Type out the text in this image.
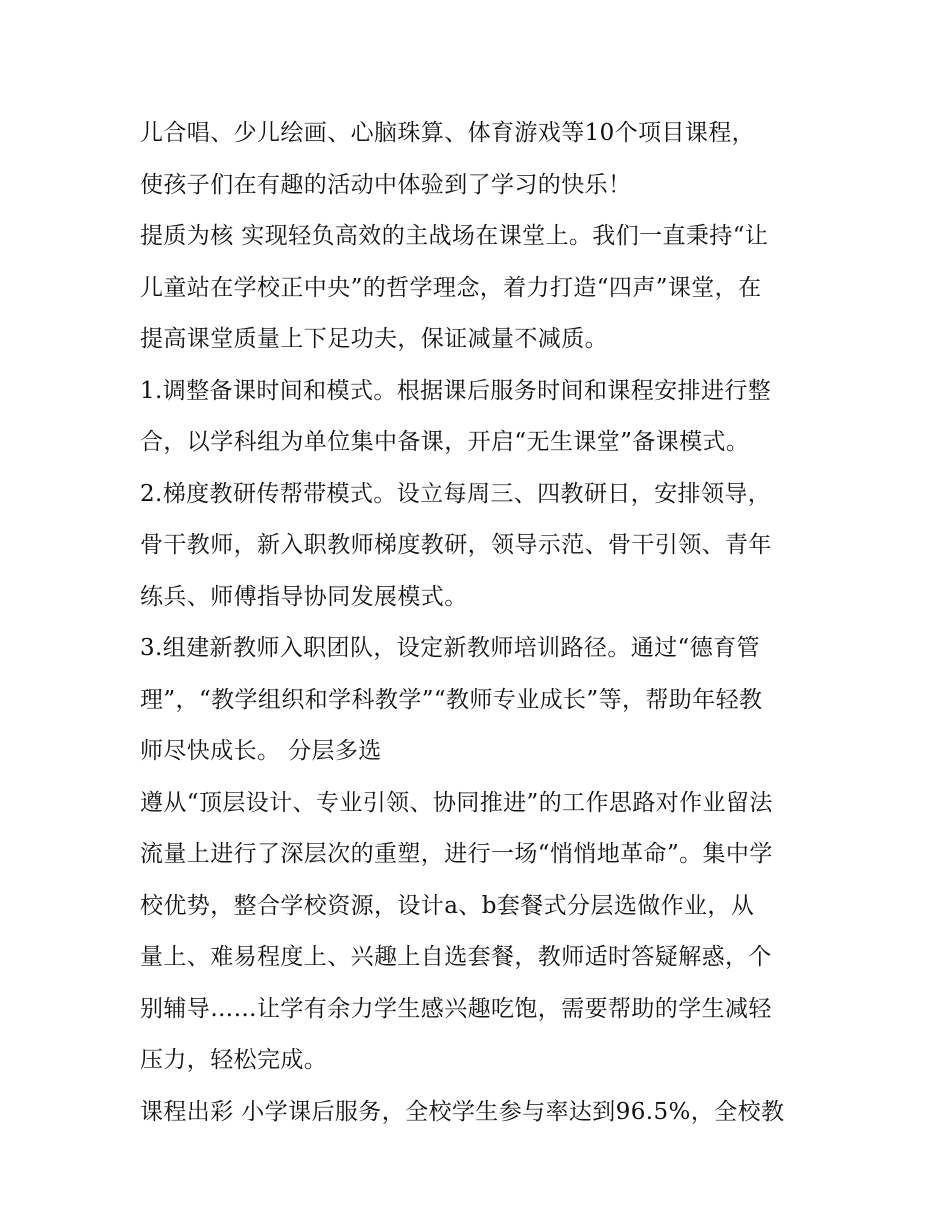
儿合唱、少儿绘画、心脑珠算、体育游戏等10个项目课程，
使孩子们在有趣的活动中体验到了学习的快乐！
提质为核 实现轻负高效的主战场在课堂上。我们一直秉持“让
儿童站在学校正中央”的哲学理念，着力打造“四声”课堂，在
提高课堂质量上下足功夫，保证减量不减质。
1.调整备课时间和模式。根据课后服务时间和课程安排进行整
合，以学科组为单位集中备课，开启“无生课堂”备课模式。
2.梯度教研传帮带模式。设立每周三、四教研日，安排领导，
骨干教师，新入职教师梯度教研，领导示范、骨干引领、青年
练兵、师傅指导协同发展模式。
3.组建新教师入职团队，设定新教师培训路径。通过“德育管
理”，“教学组织和学科教学”“教师专业成长”等，帮助年轻教
师尽快成长。 分层多选
遵从“顶层设计、专业引领、协同推进”的工作思路对作业留法
流量上进行了深层次的重塑，进行一场“悄悄地革命”。集中学
校优势，整合学校资源，设计a、b套餐式分层选做作业，从
量上、难易程度上、兴趣上自选套餐，教师适时答疑解惑，个
别辅导……让学有余力学生感兴趣吃饱，需要帮助的学生减轻
压力，轻松完成。
课程出彩 小学课后服务，全校学生参与率达到96.5%，全校教
